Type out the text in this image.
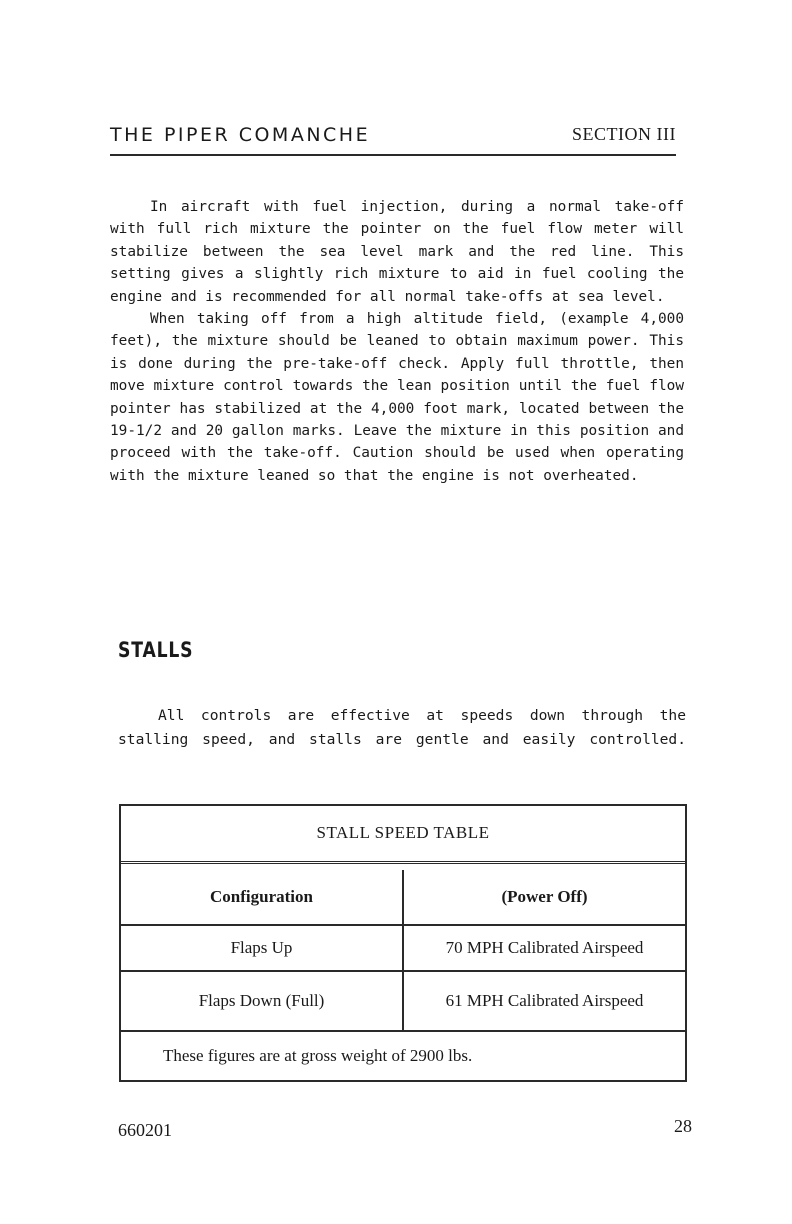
THE PIPER COMANCHE	SECTION III

In aircraft with fuel injection, during a normal take-off with full rich mixture the pointer on the fuel flow meter will stabilize between the sea level mark and the red line. This setting gives a slightly rich mixture to aid in fuel cooling the engine and is recommended for all normal take-offs at sea level.

When taking off from a high altitude field, (example 4,000 feet), the mixture should be leaned to obtain maximum power. This is done during the pre-take-off check. Apply full throttle, then move mixture control towards the lean position until the fuel flow pointer has stabilized at the 4,000 foot mark, located between the 19-1/2 and 20 gallon marks. Leave the mixture in this position and proceed with the take-off. Caution should be used when operating with the mixture leaned so that the engine is not overheated.

STALLS

All controls are effective at speeds down through the stalling speed, and stalls are gentle and easily controlled.

STALL SPEED TABLE
Configuration	(Power Off)
Flaps Up	70 MPH Calibrated Airspeed
Flaps Down (Full)	61 MPH Calibrated Airspeed
These figures are at gross weight of 2900 lbs.
660201	28
